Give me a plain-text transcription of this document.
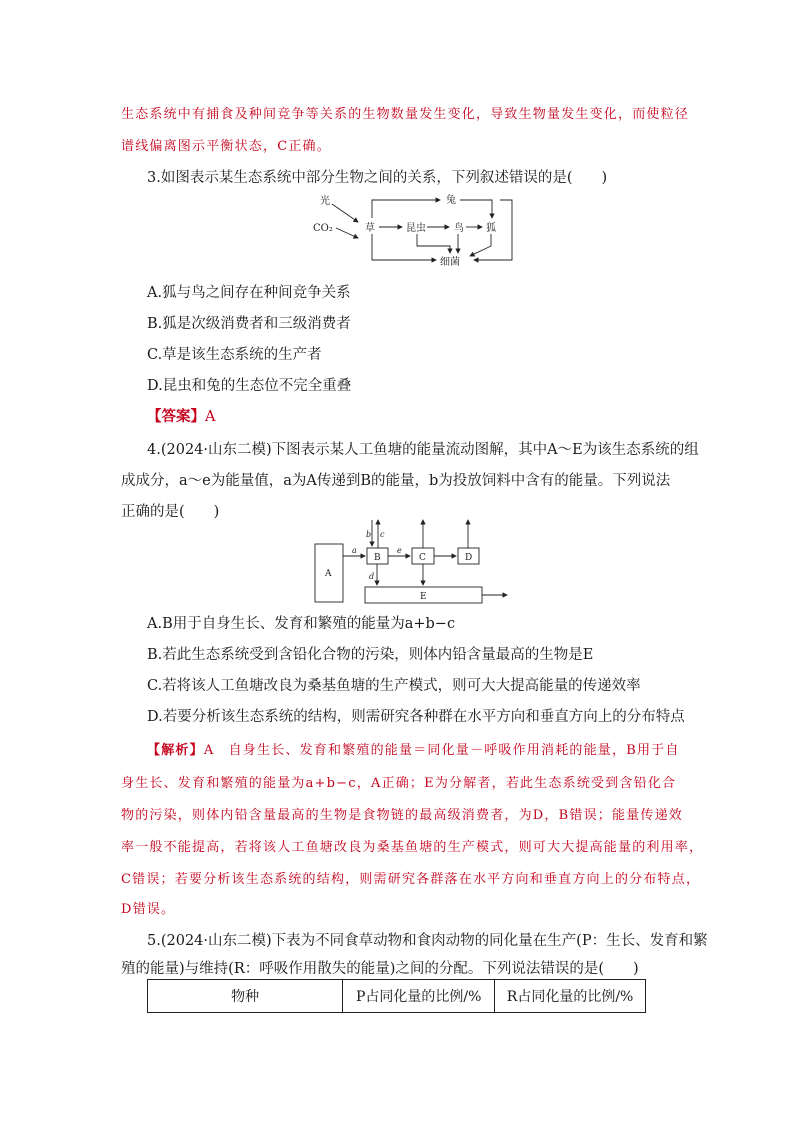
生态系统中有捕食及种间竞争等关系的生物数量发生变化，导致生物量发生变化，而使粒径
谱线偏离图示平衡状态，C正确。
3.如图表示某生态系统中部分生物之间的关系，下列叙述错误的是(　　)
光
CO₂	草
兔
昆虫	鸟 狐
细菌
A.狐与鸟之间存在种间竞争关系
B.狐是次级消费者和三级消费者
C.草是该生态系统的生产者
D.昆虫和兔的生态位不完全重叠
【答案】A
4.(2024·山东二模)下图表示某人工鱼塘的能量流动图解，其中A～E为该生态系统的组
成成分，a～e为能量值，a为A传递到B的能量，b为投放饲料中含有的能量。下列说法
正确的是(　　)
A
B	C	D
E
a
b c
d
e
A.B用于自身生长、发育和繁殖的能量为a+b−c
B.若此生态系统受到含铅化合物的污染，则体内铅含量最高的生物是E
C.若将该人工鱼塘改良为桑基鱼塘的生产模式，则可大大提高能量的传递效率
D.若要分析该生态系统的结构，则需研究各种群在水平方向和垂直方向上的分布特点
【解析】A　自身生长、发育和繁殖的能量＝同化量－呼吸作用消耗的能量，B用于自
身生长、发育和繁殖的能量为a+b−c，A正确；E为分解者，若此生态系统受到含铅化合
物的污染，则体内铅含量最高的生物是食物链的最高级消费者，为D，B错误；能量传递效
率一般不能提高，若将该人工鱼塘改良为桑基鱼塘的生产模式，则可大大提高能量的利用率，
C错误；若要分析该生态系统的结构，则需研究各群落在水平方向和垂直方向上的分布特点，
D错误。
5.(2024·山东二模)下表为不同食草动物和食肉动物的同化量在生产(P：生长、发育和繁
殖的能量)与维持(R：呼吸作用散失的能量)之间的分配。下列说法错误的是(　　)
物种	P占同化量的比例/%	R占同化量的比例/%
